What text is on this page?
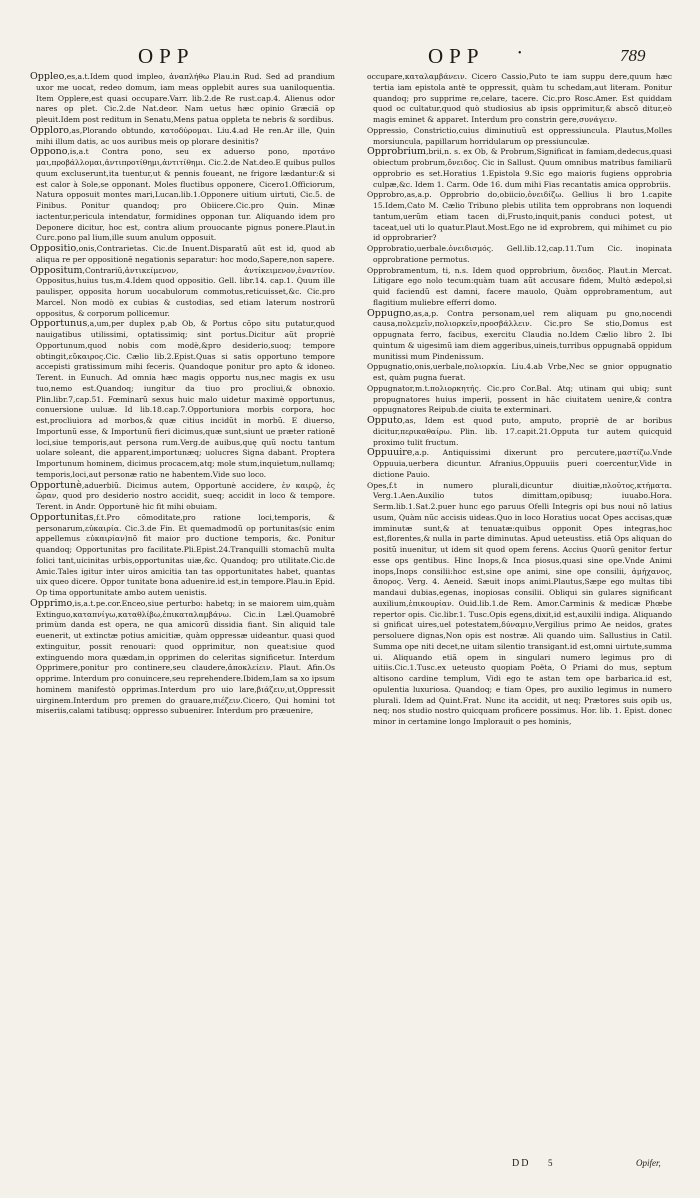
OPP	OPP	•	789

Oppleo,es,a.t.Idem quod impleo, ἀναπλήθω Plau.in Rud. Sed ad prandium uxor me uocat, redeo domum, iam meas opplebit aures sua uaniloquentia. Item Opplere,est quasi occupare.Varr. lib.2.de Re rust.cap.4. Alienus odor nares op plet. Cic.2.de Nat.deor. Nam uetus hæc opinio Græciã op pleuit.Idem post reditum in Senatu,Mens patua oppleta te nebris & sordibus.

Opploro,as,Plorando obtundo, κατοδύρομαι. Liu.4.ad He ren.Ar ille, Quin mihi illum datis, ac uos auribus meis op plorare desinitis?

Oppono,is,a.t Contra pono, seu ex aduerso pono, προτάνο μαι,προβάλλομαι,ἀντιπροτίθημι,ἀντιτίθημι. Cic.2.de Nat.deo.E quibus pullos quum excluserunt,ita tuentur,ut & pennis foueant, ne frigore lædantur:& si est calor à Sole,se opponant. Moles fluctibus opponere, Cicero1.Officiorum, Natura opposuit montes mari,Lucan.lib.1.Opponere uitium uirtuti, Cic.5. de Finibus. Ponitur quandoq; pro Obiicere.Cic.pro Quin. Minæ iactentur,pericula intendatur, formidines opponan tur. Aliquando idem pro Deponere dicitur, hoc est, contra alium prouocante pignus ponere.Plaut.in Curc.pono pal lium,ille suum anulum opposuit.

Oppositio,onis,Contrarietas. Cic.de Inuent.Disparatũ aũt est id, quod ab aliqua re per oppositionē negationis separatur: hoc modo,Sapere,non sapere.

Oppositum,Contrariũ,ἀντικείμενον, ἀντίκειμενον,ἐναντίον. Oppositus,huius tus,m.4.Idem quod oppositio. Gell. libr.14. cap.1. Quum ille paulisper, opposita horum uocabulorum commotus,reticuisset,&c. Cic.pro Marcel. Non modò ex cubias & custodias, sed etiam laterum nostrorũ oppositus, & corporum pollicemur.

Opportunus,a,um,per duplex p,ab Ob, & Portus cõpo situ putatur,quod nauigatibus utilissimi, optatissimiq; sint portus.Dicitur aũt propriè Opportunum,quod nobis com modè,&pro desiderio,suoq; tempore obtingit,εὔκαιρος.Cic. Cælio lib.2.Epist.Quas si satis opportuno tempore accepisti gratissimum mihi feceris. Quandoque ponitur pro apto & idoneo. Terent. in Eunuch. Ad omnia hæc magis opportu nus,nec magis ex usu tuo,nemo est.Quandoq; iungitur da tiuo pro procliui,& obnoxio. Plin.libr.7,cap.51. Fœminarũ sexus huic malo uidetur maximè opportunus, conuersione uuluæ. Id lib.18.cap.7.Opportuniora morbis corpora, hoc est,procliuiora ad morbos,& quæ citius incidũt in morbũ. E diuerso, Importunũ esse, & Importunũ fieri dicimus,quæ sunt,siunt ue præter rationē loci,siue temporis,aut persona rum.Verg.de auibus,quę quũ noctu tantum uolare soleant, die apparent,importunæq; uolucres Signa dabant. Proptera Importunum hominem, dicimus procacem,atq; mole stum,inquietum,nullamq; temporis,loci,aut personæ ratio ne habentem.Vide suo loco.

Opportunè,aduerbiũ. Dicimus autem, Opportunè accidere, ἐν καιρῷ, ἐς ὥραν, quod pro desiderio nostro accidit, sueq; accidit in loco & tempore. Terent. in Andr. Opportunè hic fit mihi obuiam.

Opportunitas,f.t.Pro cõmoditate,pro ratione loci,temporis, & personarum,εὐκαιρία. Cic.3.de Fin. Et quemadmodũ op portunitas(sic enim appellemus εὐκαιρίαν)nõ fit maior pro ductione temporis, &c. Ponitur quandoq; Opportunitas pro facilitate.Pli.Epist.24.Tranquilli stomachũ multa folici tant,uicinitas urbis,opportunitas uiæ,&c. Quandoq; pro utilitate.Cic.de Amic.Tales igitur inter uiros amicitia tan tas opportunitates habet, quantas uix queo dicere. Oppor tunitate bona aduenire.id est,in tempore.Plau.in Epid. Op tima opportunitate ambo autem uenistis.

Opprimo,is,a.t.pe.cor.Enceo,siue perturbo: habetq; in se maiorem uim,quàm Extinguo,καταπνίγω,καταθλίβω,ἐπικαταλαμβάνω. Cic.in Læl.Quamobrē primùm danda est opera, ne qua amicorũ dissidia fiant. Sin aliquid tale euenerit, ut extinctæ potius amicitiæ, quàm oppressæ uideantur. quasi quod extinguitur, possit renouari: quod opprimitur, non queat:siue quod extinguendo mora quædam,in opprimen do celeritas significetur. Interdum Opprimere,ponitur pro continere,seu claudere,ἀποκλείειν. Plaut. Afin.Os opprime. Interdum pro conuincere,seu reprehendere.Ibidem,Iam sa xo ipsum hominem manifestò opprimas.Interdum pro uio lare,βιάζειν,ut,Oppressit uirginem.Interdum pro premen do grauare,πιέζειν.Cicero, Qui homini tot miseriis,calami tatibusq; oppresso subuenirer. Interdum pro præuenire,

occupare,καταλαμβάνειν. Cicero Cassio,Puto te iam suppu dere,quum hæc tertia iam epistola antè te oppressit, quàm tu schedam,aut literam. Ponitur quandoq; pro supprime re,celare, tacere. Cic.pro Rosc.Amer. Est quiddam quod oc cultatur,quod quò studiosius ab ipsis opprimitur,& abscõ ditur,eò magis eminet & apparet. Interdum pro constrin gere,συνάγειν.

Oppressio, Constrictio,cuius diminutiuũ est oppressiuncula. Plautus,Molles morsiuncula, papillarum horridularum op pressiunculæ.

Opprobrium,brii,n. s. ex Ob, & Probrum,Significat in famiam,dedecus,quasi obiectum probrum,ὄνειδος. Cic in Sallust. Quum omnibus matribus familiarũ opprobrio es set.Horatius 1.Epistola 9.Sic ego maioris fugiens opprobria culpæ,&c. Idem 1. Carm. Ode 16. dum mihi Fias recantatis amica opprobriis.

Opprobro,as,a.p. Opprobrio do,obiicio,ὀνειδίζω. Gellius li bro 1.capite 15.Idem,Cato M. Cælio Tribuno plebis utilita tem opprobrans non loquendi tantum,uerũm etiam tacen di,Frusto,inquit,panis conduci potest, ut taceat,uel uti lo quatur.Plaut.Most.Ego ne id exprobrem, qui mihimet cu pio id opprobrarier?

Opprobratio,uerbale.ὀνειδισμός. Gell.lib.12,cap.11.Tum Cic. inopinata opprobratione permotus.

Opprobramentum, ti, n.s. Idem quod opprobrium, ὄνειδος. Plaut.in Mercat. Litigare ego nolo tecum:quàm tuam aũt accusare fidem, Multò ædepol,si quid faciendũ est damni, facere mauolo, Quàm opprobramentum, aut flagitium muliebre efferri domo.

Oppugno,as,a,p. Contra personam,uel rem aliquam pu gno,nocendi causa,πολεμεῖν,πολιορκεῖν,προσβάλλειν. Cic.pro Se stio,Domus est oppugnata ferro, facibus, exercitu Claudia no.Idem Cælio libro 2. Ibi quintum & uigesimũ iam diem aggeribus,uineis,turribus oppugnabã oppidum munitissi mum Pindenissum.

Oppugnatio,onis,uerbale,πολιορκία. Liu.4.ab Vrbe,Nec se gnior oppugnatio est, quàm pugna fuerat.

Oppugnator,m.t.πολιορκητής. Cic.pro Cor.Bal. Atq; utinam qui ubiq; sunt propugnatores huius imperii, possent in hãc ciuitatem uenire,& contra oppugnatores Reipub.de ciuita te exterminari.

Opputo,as, Idem est quod puto, amputo, propriè de ar boribus dicitur,περικαθαίρω. Plin. lib. 17.capit.21.Opputa tur autem quicquid proximo tulit fructum.

Oppuuire,a.p. Antiquissimi dixerunt pro percutere,μαστίζω.Vnde Oppuuia,uerbera dicuntur. Afranius,Oppuuiis pueri coercentur,Vide in dictione Pauio.

Opes,f.t in numero plurali,dicuntur diuitiæ,πλοῦτος,κτήματα. Verg.1.Aen.Auxilio tutos dimittam,opibusq; iuuabo.Hora. Serm.lib.1.Sat.2.puer hunc ego paruus Ofelli Integris opi bus noui nõ latius usum, Quàm nũc accisis uideas.Quo in loco Horatius uocat Opes accisas,quæ imminutæ sunt,& at tenuatæ:quibus opponit Opes integras,hoc est,florentes,& nulla in parte diminutas. Apud ueteustiss. etiã Ops aliquan do positũ inuenitur, ut idem sit quod opem ferens. Accius Quorũ genitor fertur esse ops gentibus. Hinc Inops,& Inca piosus,quasi sine ope.Vnde Animi inops,Inops consilii:hoc est,sine ope animi, sine ope consilii, ἀμήχανος, ἄπορος. Verg. 4. Aeneid. Sæuit inops animi.Plautus,Sæpe ego multas tibi mandaui dubias,egenas, inopiosas consilii. Obliqui sin gulares significant auxilium,ἐπικουρίαν. Ouid.lib.1.de Rem. Amor.Carminis & medicæ Phœbe repertor opis. Cic.libr.1. Tusc.Opis egens,dixit,id est,auxilii indiga. Aliquando si gnificat uires,uel potestatem,δύναμιν,Vergilius primo Ae neidos, grates persoluere dignas,Non opis est nostræ. Ali quando uim. Sallustius in Catil. Summa ope niti decet,ne uitam silentio transigant.id est,omni uirtute,summa ui. Aliquando etiã opem in singulari numero legimus pro di uitiis.Cic.1.Tusc.ex ueteusto quopiam Poëta, O Priami do mus, septum altisono cardine templum, Vidi ego te astan tem ope barbarica.id est, opulentia luxuriosa. Quandoq; e tiam Opes, pro auxilio legimus in numero plurali. Idem ad Quint.Frat. Nunc ita accidit, ut neq; Prætores suis opib us, neq; nos studio nostro quicquam proficere possimus. Hor. lib. 1. Epist. donec minor in certamine longo Implorauit o pes hominis,

DD 5	Opifer,
